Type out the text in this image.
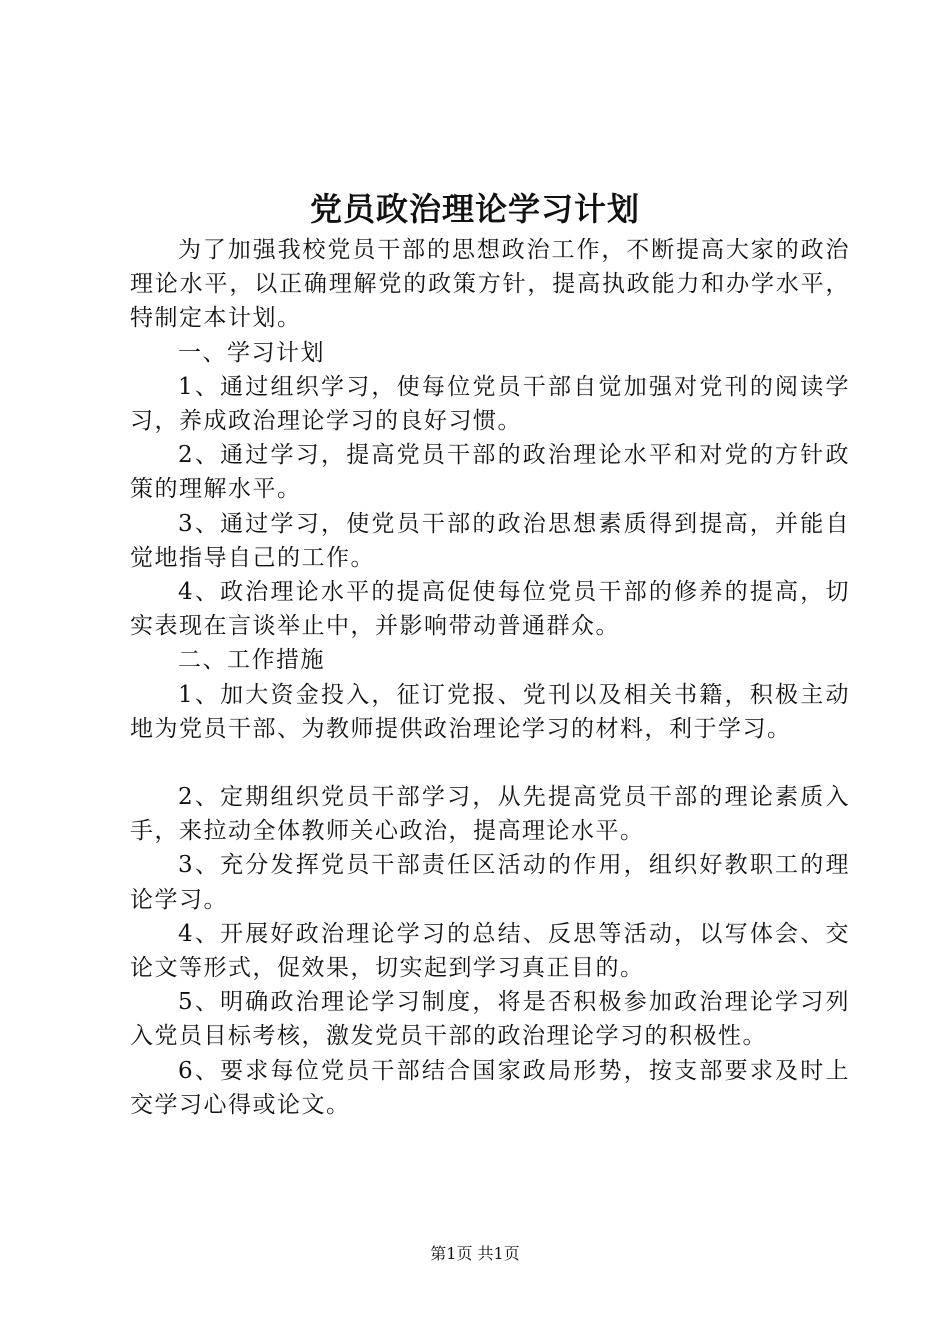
党员政治理论学习计划

为了加强我校党员干部的思想政治工作，不断提高大家的政治理论水平，以正确理解党的政策方针，提高执政能力和办学水平，特制定本计划。

一、学习计划

1、通过组织学习，使每位党员干部自觉加强对党刊的阅读学习，养成政治理论学习的良好习惯。

2、通过学习，提高党员干部的政治理论水平和对党的方针政策的理解水平。

3、通过学习，使党员干部的政治思想素质得到提高，并能自觉地指导自己的工作。

4、政治理论水平的提高促使每位党员干部的修养的提高，切实表现在言谈举止中，并影响带动普通群众。

二、工作措施

1、加大资金投入，征订党报、党刊以及相关书籍，积极主动地为党员干部、为教师提供政治理论学习的材料，利于学习。

2、定期组织党员干部学习，从先提高党员干部的理论素质入手，来拉动全体教师关心政治，提高理论水平。

3、充分发挥党员干部责任区活动的作用，组织好教职工的理论学习。

4、开展好政治理论学习的总结、反思等活动，以写体会、交论文等形式，促效果，切实起到学习真正目的。

5、明确政治理论学习制度，将是否积极参加政治理论学习列入党员目标考核，激发党员干部的政治理论学习的积极性。

6、要求每位党员干部结合国家政局形势，按支部要求及时上交学习心得或论文。

第1页 共1页
